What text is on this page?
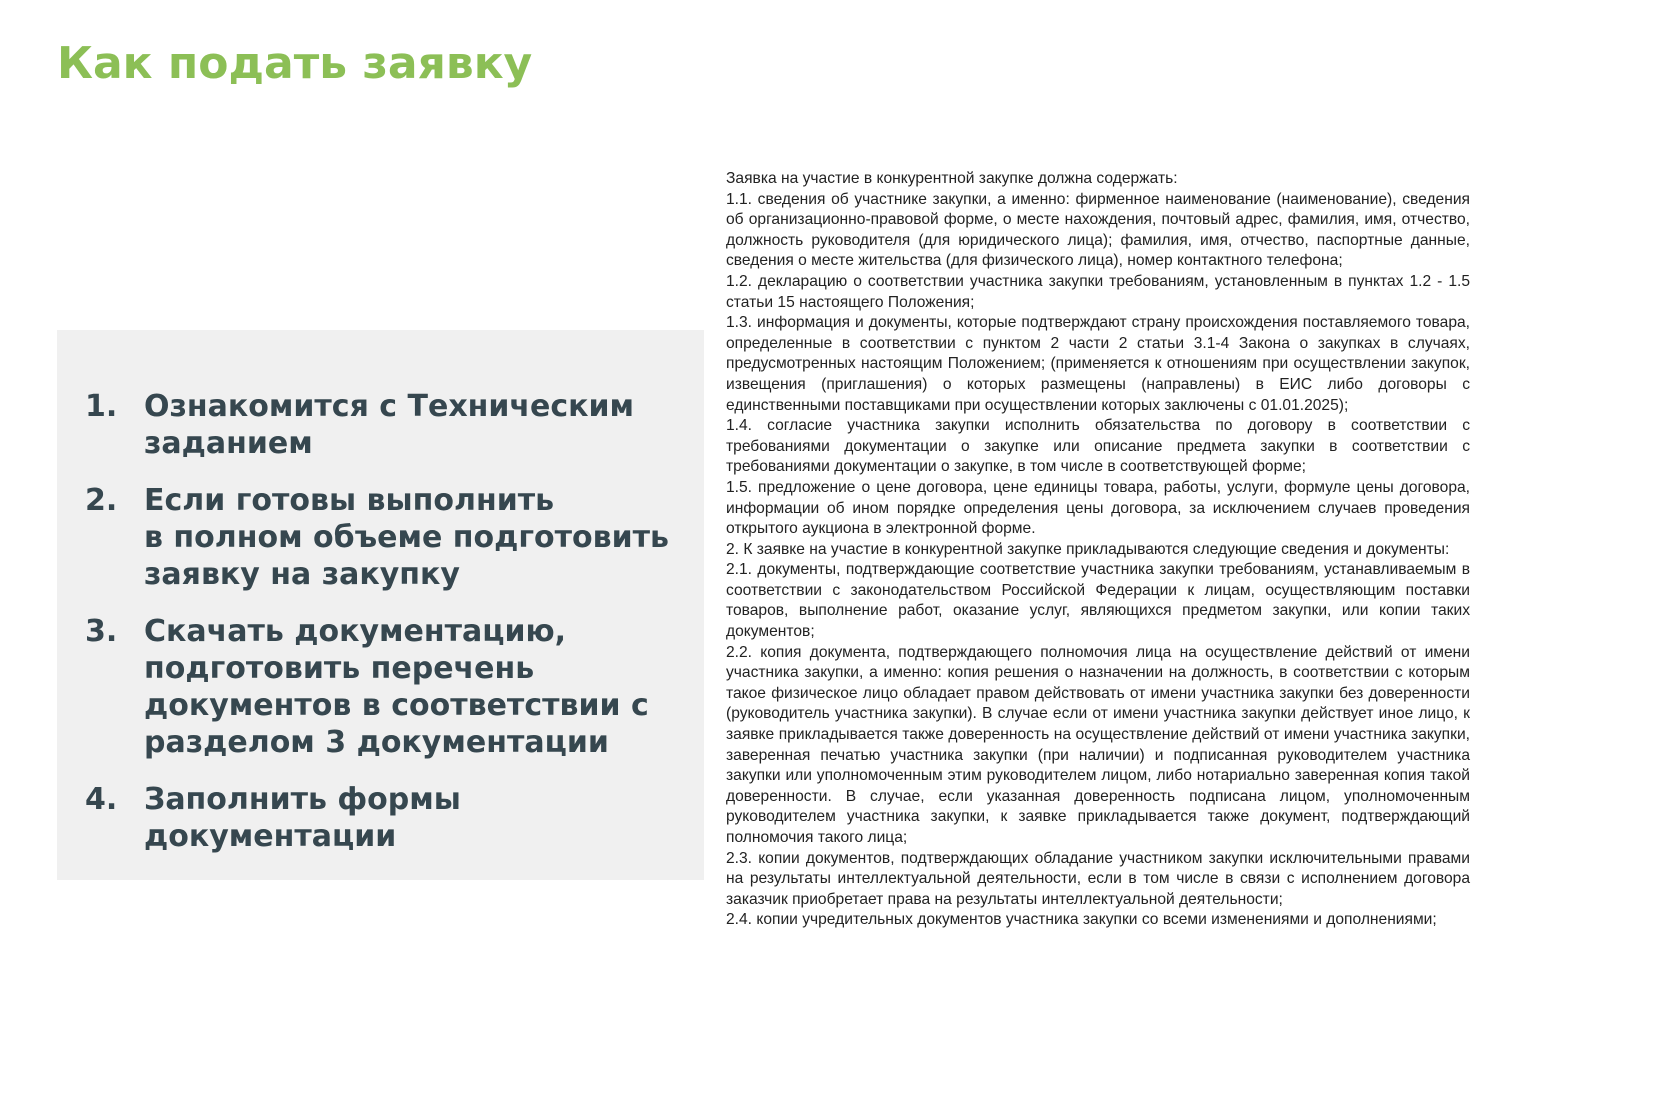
Как подать заявку
1. Ознакомится с Техническим
заданием
2. Если готовы выполнить
в полном объеме подготовить
заявку на закупку
3. Скачать документацию,
подготовить перечень
документов в соответствии с
разделом 3 документации
4. Заполнить формы документации

Заявка на участие в конкурентной закупке должна содержать:

1.1. сведения об участнике закупки, а именно: фирменное наименование (наименование), сведения об организационно-правовой форме, о месте нахождения, почтовый адрес, фамилия, имя, отчество, должность руководителя (для юридического лица); фамилия, имя, отчество, паспортные данные, сведения о месте жительства (для физического лица), номер контактного телефона;

1.2. декларацию о соответствии участника закупки требованиям, установленным в пунктах 1.2 - 1.5 статьи 15 настоящего Положения;

1.3. информация и документы, которые подтверждают страну происхождения поставляемого товара, определенные в соответствии с пунктом 2 части 2 статьи 3.1-4 Закона о закупках в случаях, предусмотренных настоящим Положением; (применяется к отношениям при осуществлении закупок, извещения (приглашения) о которых размещены (направлены) в ЕИС либо договоры с единственными поставщиками при осуществлении которых заключены с 01.01.2025);

1.4. согласие участника закупки исполнить обязательства по договору в соответствии с требованиями документации о закупке или описание предмета закупки в соответствии с требованиями документации о закупке, в том числе в соответствующей форме;

1.5. предложение о цене договора, цене единицы товара, работы, услуги, формуле цены договора, информации об ином порядке определения цены договора, за исключением случаев проведения открытого аукциона в электронной форме.

2. К заявке на участие в конкурентной закупке прикладываются следующие сведения и документы:

2.1. документы, подтверждающие соответствие участника закупки требованиям, устанавливаемым в соответствии с законодательством Российской Федерации к лицам, осуществляющим поставки товаров, выполнение работ, оказание услуг, являющихся предметом закупки, или копии таких документов;

2.2. копия документа, подтверждающего полномочия лица на осуществление действий от имени участника закупки, а именно: копия решения о назначении на должность, в соответствии с которым такое физическое лицо обладает правом действовать от имени участника закупки без доверенности (руководитель участника закупки). В случае если от имени участника закупки действует иное лицо, к заявке прикладывается также доверенность на осуществление действий от имени участника закупки, заверенная печатью участника закупки (при наличии) и подписанная руководителем участника закупки или уполномоченным этим руководителем лицом, либо нотариально заверенная копия такой доверенности. В случае, если указанная доверенность подписана лицом, уполномоченным руководителем участника закупки, к заявке прикладывается также документ, подтверждающий полномочия такого лица;

2.3. копии документов, подтверждающих обладание участником закупки исключительными правами на результаты интеллектуальной деятельности, если в том числе в связи с исполнением договора заказчик приобретает права на результаты интеллектуальной деятельности;

2.4. копии учредительных документов участника закупки со всеми изменениями и дополнениями;
